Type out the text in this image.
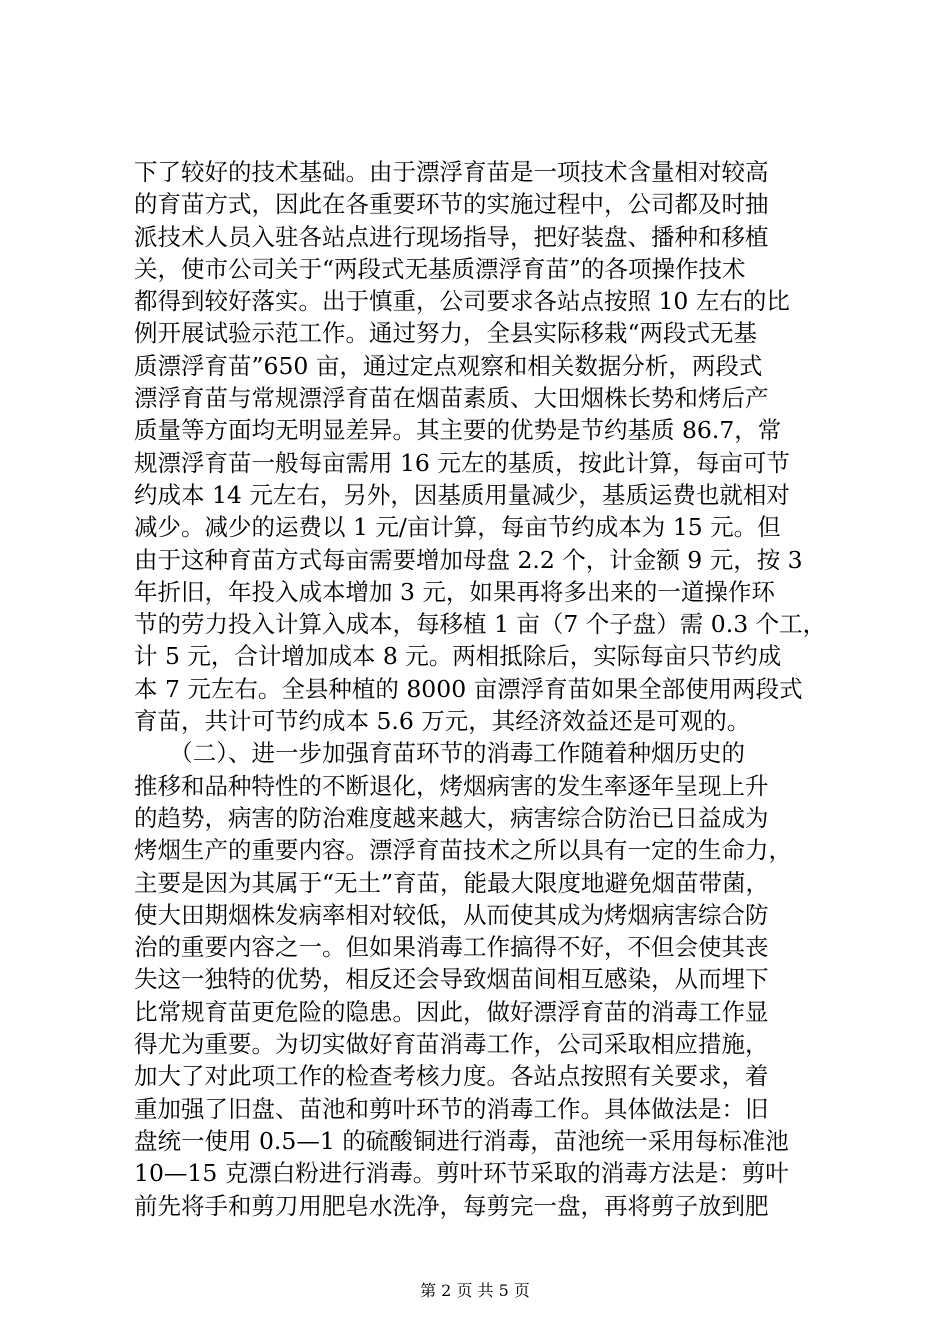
下了较好的技术基础。由于漂浮育苗是一项技术含量相对较高
的育苗方式，因此在各重要环节的实施过程中，公司都及时抽
派技术人员入驻各站点进行现场指导，把好装盘、播种和移植
关，使市公司关于“两段式无基质漂浮育苗”的各项操作技术
都得到较好落实。出于慎重，公司要求各站点按照 10 左右的比
例开展试验示范工作。通过努力，全县实际移栽“两段式无基
质漂浮育苗”650 亩，通过定点观察和相关数据分析，两段式
漂浮育苗与常规漂浮育苗在烟苗素质、大田烟株长势和烤后产
质量等方面均无明显差异。其主要的优势是节约基质 86.7，常
规漂浮育苗一般每亩需用 16 元左的基质，按此计算，每亩可节
约成本 14 元左右，另外，因基质用量减少，基质运费也就相对
减少。减少的运费以 1 元/亩计算，每亩节约成本为 15 元。但
由于这种育苗方式每亩需要增加母盘 2.2 个，计金额 9 元，按 3
年折旧，年投入成本增加 3 元，如果再将多出来的一道操作环
节的劳力投入计算入成本，每移植 1 亩（7 个子盘）需 0.3 个工，
计 5 元，合计增加成本 8 元。两相抵除后，实际每亩只节约成
本 7 元左右。全县种植的 8000 亩漂浮育苗如果全部使用两段式
育苗，共计可节约成本 5.6 万元，其经济效益还是可观的。
　　（二）、进一步加强育苗环节的消毒工作随着种烟历史的
推移和品种特性的不断退化，烤烟病害的发生率逐年呈现上升
的趋势，病害的防治难度越来越大，病害综合防治已日益成为
烤烟生产的重要内容。漂浮育苗技术之所以具有一定的生命力，
主要是因为其属于“无土”育苗，能最大限度地避免烟苗带菌，
使大田期烟株发病率相对较低，从而使其成为烤烟病害综合防
治的重要内容之一。但如果消毒工作搞得不好，不但会使其丧
失这一独特的优势，相反还会导致烟苗间相互感染，从而埋下
比常规育苗更危险的隐患。因此，做好漂浮育苗的消毒工作显
得尤为重要。为切实做好育苗消毒工作，公司采取相应措施，
加大了对此项工作的检查考核力度。各站点按照有关要求，着
重加强了旧盘、苗池和剪叶环节的消毒工作。具体做法是：旧
盘统一使用 0.5—1 的硫酸铜进行消毒，苗池统一采用每标准池
10—15 克漂白粉进行消毒。剪叶环节采取的消毒方法是：剪叶
前先将手和剪刀用肥皂水洗净，每剪完一盘，再将剪子放到肥
第 2 页 共 5 页
